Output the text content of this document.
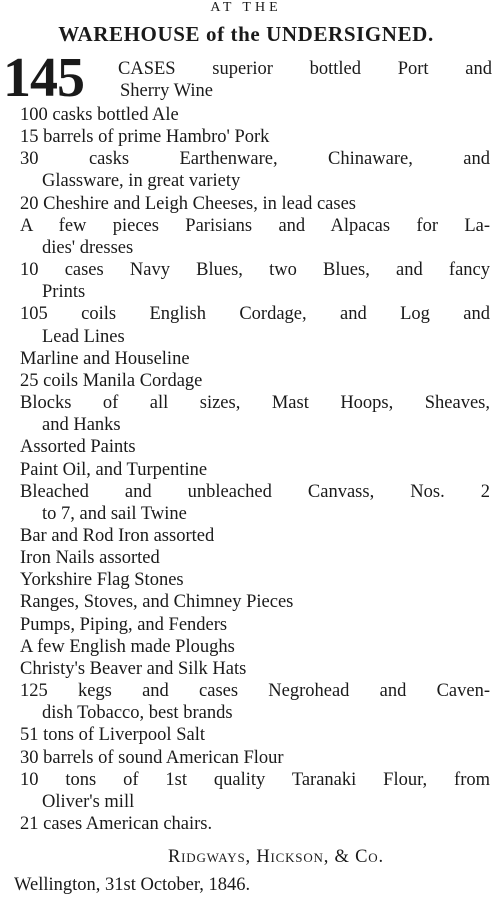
AT THE
WAREHOUSE of the UNDERSIGNED.
145 CASES superior bottled Port and
Sherry Wine
100 casks bottled Ale
15 barrels of prime Hambro' Pork
30 casks Earthenware, Chinaware, and
Glassware, in great variety
20 Cheshire and Leigh Cheeses, in lead cases
A few pieces Parisians and Alpacas for La-
dies' dresses
10 cases Navy Blues, two Blues, and fancy
Prints
105 coils English Cordage, and Log and
Lead Lines
Marline and Houseline
25 coils Manila Cordage
Blocks of all sizes, Mast Hoops, Sheaves,
and Hanks
Assorted Paints
Paint Oil, and Turpentine
Bleached and unbleached Canvass, Nos. 2
to 7, and sail Twine
Bar and Rod Iron assorted
Iron Nails assorted
Yorkshire Flag Stones
Ranges, Stoves, and Chimney Pieces
Pumps, Piping, and Fenders
A few English made Ploughs
Christy's Beaver and Silk Hats
125 kegs and cases Negrohead and Caven-
dish Tobacco, best brands
51 tons of Liverpool Salt
30 barrels of sound American Flour
10 tons of 1st quality Taranaki Flour, from
Oliver's mill
21 cases American chairs.
Ridgways, Hickson, & Co.
Wellington, 31st October, 1846.
